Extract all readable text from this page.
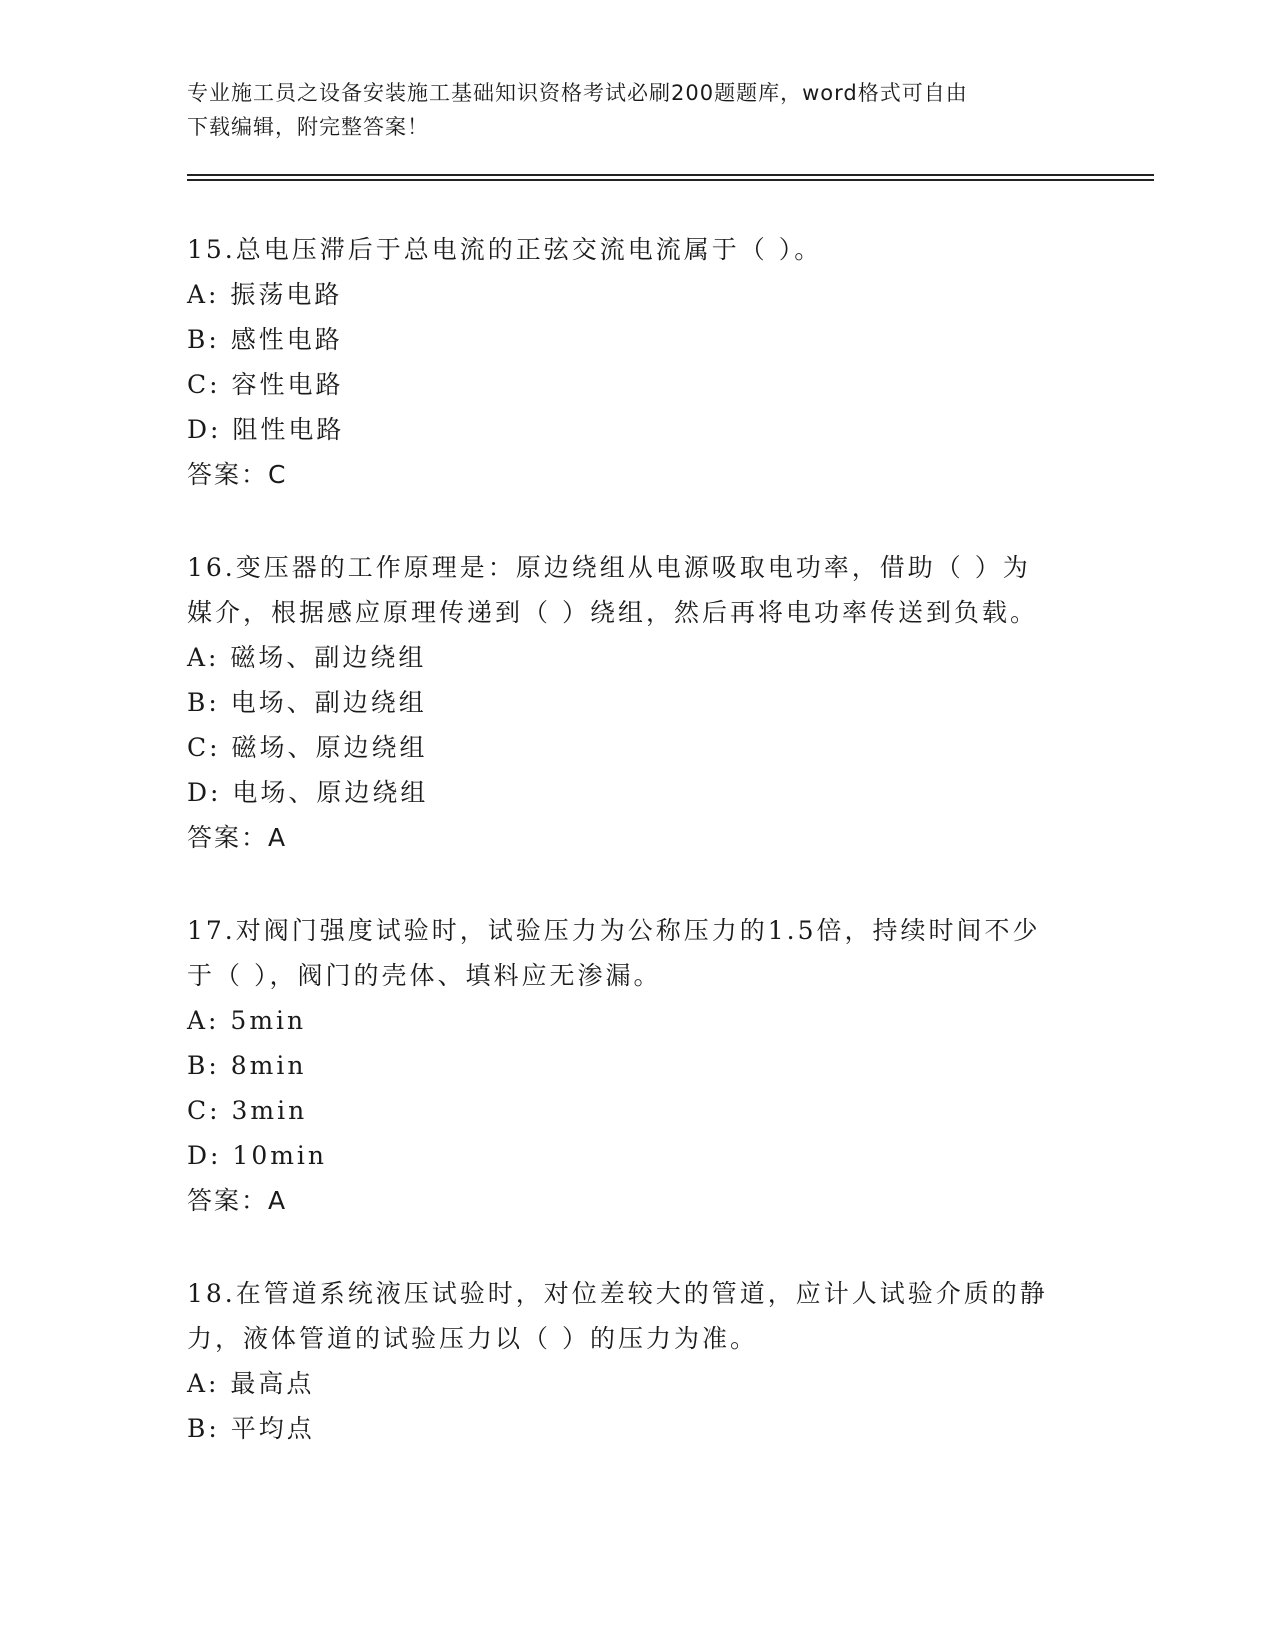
专业施工员之设备安装施工基础知识资格考试必刷200题题库，word格式可自由
下载编辑，附完整答案！
15.总电压滞后于总电流的正弦交流电流属于（ ）。
A: 振荡电路
B: 感性电路
C: 容性电路
D: 阻性电路
答案：C
16.变压器的工作原理是：原边绕组从电源吸取电功率，借助（ ）为
媒介，根据感应原理传递到（ ）绕组，然后再将电功率传送到负载。
A: 磁场、副边绕组
B: 电场、副边绕组
C: 磁场、原边绕组
D: 电场、原边绕组
答案：A
17.对阀门强度试验时，试验压力为公称压力的1.5倍，持续时间不少
于（ ），阀门的壳体、填料应无渗漏。
A: 5min
B: 8min
C: 3min
D: 10min
答案：A
18.在管道系统液压试验时，对位差较大的管道，应计人试验介质的静
力，液体管道的试验压力以（ ）的压力为准。
A: 最高点
B: 平均点
